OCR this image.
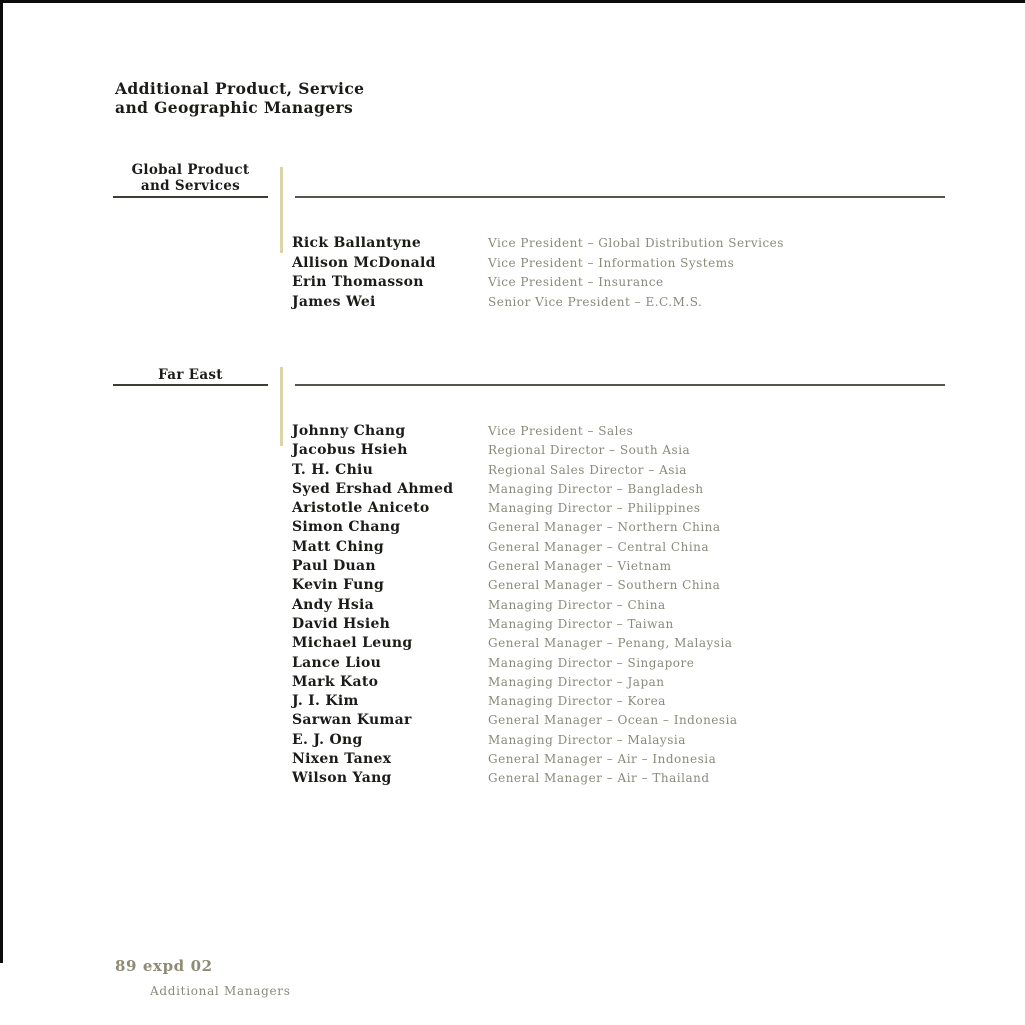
Additional Product, Service
and Geographic Managers
Global Product
and Services
Rick Ballantyne	Vice President – Global Distribution Services
Allison McDonald	Vice President – Information Systems
Erin Thomasson	Vice President – Insurance
James Wei	Senior Vice President – E.C.M.S.
Far East
Johnny Chang	Vice President – Sales
Jacobus Hsieh	Regional Director – South Asia
T. H. Chiu	Regional Sales Director – Asia
Syed Ershad Ahmed	Managing Director – Bangladesh
Aristotle Aniceto	Managing Director – Philippines
Simon Chang	General Manager – Northern China
Matt Ching	General Manager – Central China
Paul Duan	General Manager – Vietnam
Kevin Fung	General Manager – Southern China
Andy Hsia	Managing Director – China
David Hsieh	Managing Director – Taiwan
Michael Leung	General Manager – Penang, Malaysia
Lance Liou	Managing Director – Singapore
Mark Kato	Managing Director – Japan
J. I. Kim	Managing Director – Korea
Sarwan Kumar	General Manager – Ocean – Indonesia
E. J. Ong	Managing Director – Malaysia
Nixen Tanex	General Manager – Air – Indonesia
Wilson Yang	General Manager – Air – Thailand
89 expd 02
Additional Managers
